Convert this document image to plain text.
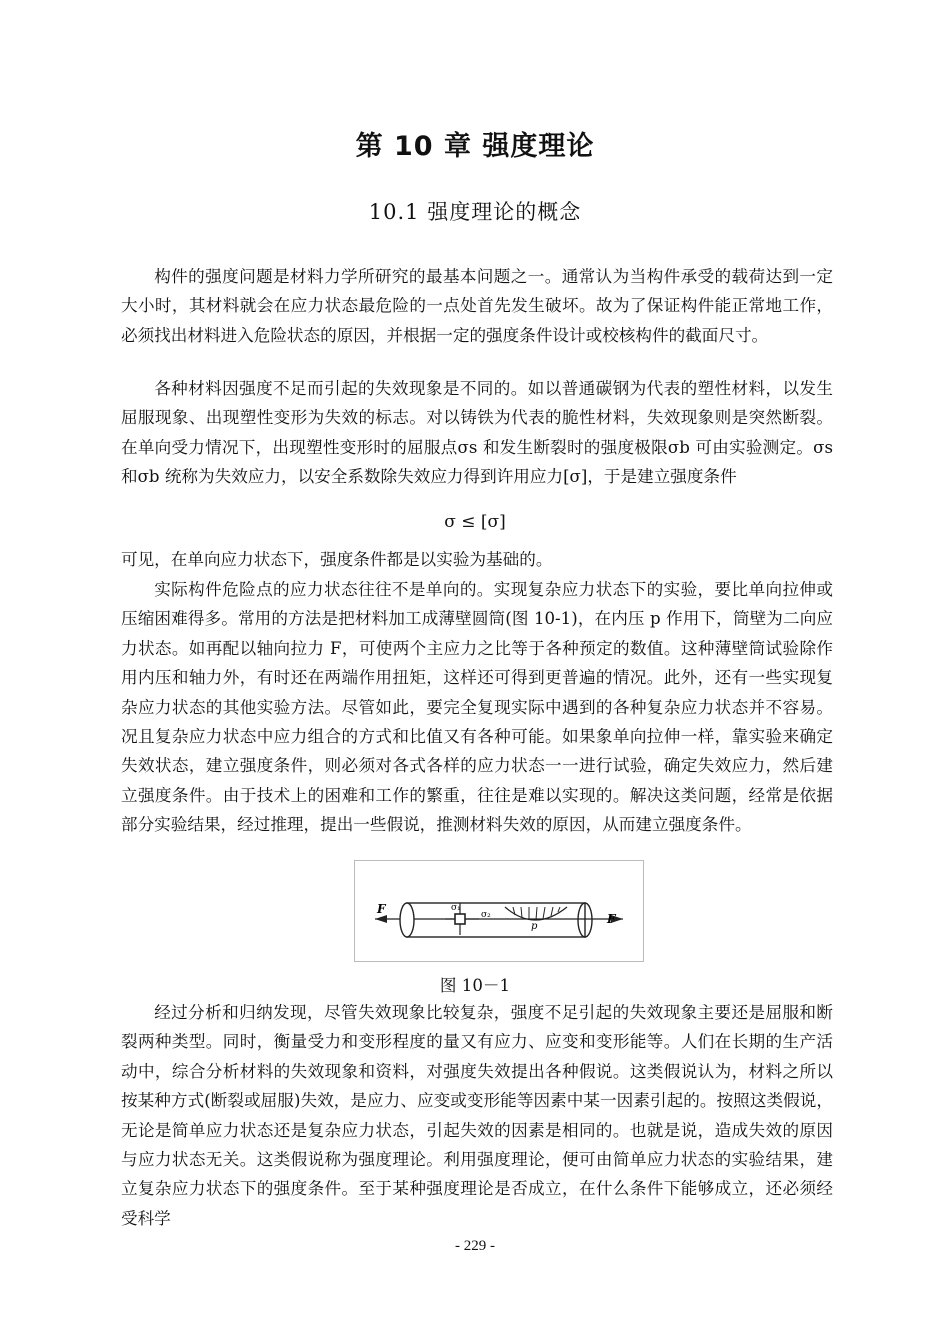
第 10 章 强度理论
10.1 强度理论的概念

构件的强度问题是材料力学所研究的最基本问题之一。通常认为当构件承受的载荷达到一定大小时，其材料就会在应力状态最危险的一点处首先发生破坏。故为了保证构件能正常地工作，必须找出材料进入危险状态的原因，并根据一定的强度条件设计或校核构件的截面尺寸。

各种材料因强度不足而引起的失效现象是不同的。如以普通碳钢为代表的塑性材料，以发生屈服现象、出现塑性变形为失效的标志。对以铸铁为代表的脆性材料，失效现象则是突然断裂。在单向受力情况下，出现塑性变形时的屈服点σs 和发生断裂时的强度极限σb 可由实验测定。σs 和σb 统称为失效应力，以安全系数除失效应力得到许用应力[σ]，于是建立强度条件

σ ≤ [σ]

可见，在单向应力状态下，强度条件都是以实验为基础的。

实际构件危险点的应力状态往往不是单向的。实现复杂应力状态下的实验，要比单向拉伸或压缩困难得多。常用的方法是把材料加工成薄壁圆筒(图 10-1)，在内压 p 作用下，筒壁为二向应力状态。如再配以轴向拉力 F，可使两个主应力之比等于各种预定的数值。这种薄壁筒试验除作用内压和轴力外，有时还在两端作用扭矩，这样还可得到更普遍的情况。此外，还有一些实现复杂应力状态的其他实验方法。尽管如此，要完全复现实际中遇到的各种复杂应力状态并不容易。况且复杂应力状态中应力组合的方式和比值又有各种可能。如果象单向拉伸一样，靠实验来确定失效状态，建立强度条件，则必须对各式各样的应力状态一一进行试验，确定失效应力，然后建立强度条件。由于技术上的困难和工作的繁重，往往是难以实现的。解决这类问题，经常是依据部分实验结果，经过推理，提出一些假说，推测材料失效的原因，从而建立强度条件。

F
F
σ₁
σ₂
p
图 10－1

经过分析和归纳发现，尽管失效现象比较复杂，强度不足引起的失效现象主要还是屈服和断裂两种类型。同时，衡量受力和变形程度的量又有应力、应变和变形能等。人们在长期的生产活动中，综合分析材料的失效现象和资料，对强度失效提出各种假说。这类假说认为，材料之所以按某种方式(断裂或屈服)失效，是应力、应变或变形能等因素中某一因素引起的。按照这类假说，无论是简单应力状态还是复杂应力状态，引起失效的因素是相同的。也就是说，造成失效的原因与应力状态无关。这类假说称为强度理论。利用强度理论，便可由简单应力状态的实验结果，建立复杂应力状态下的强度条件。至于某种强度理论是否成立，在什么条件下能够成立，还必须经受科学

- 229 -
